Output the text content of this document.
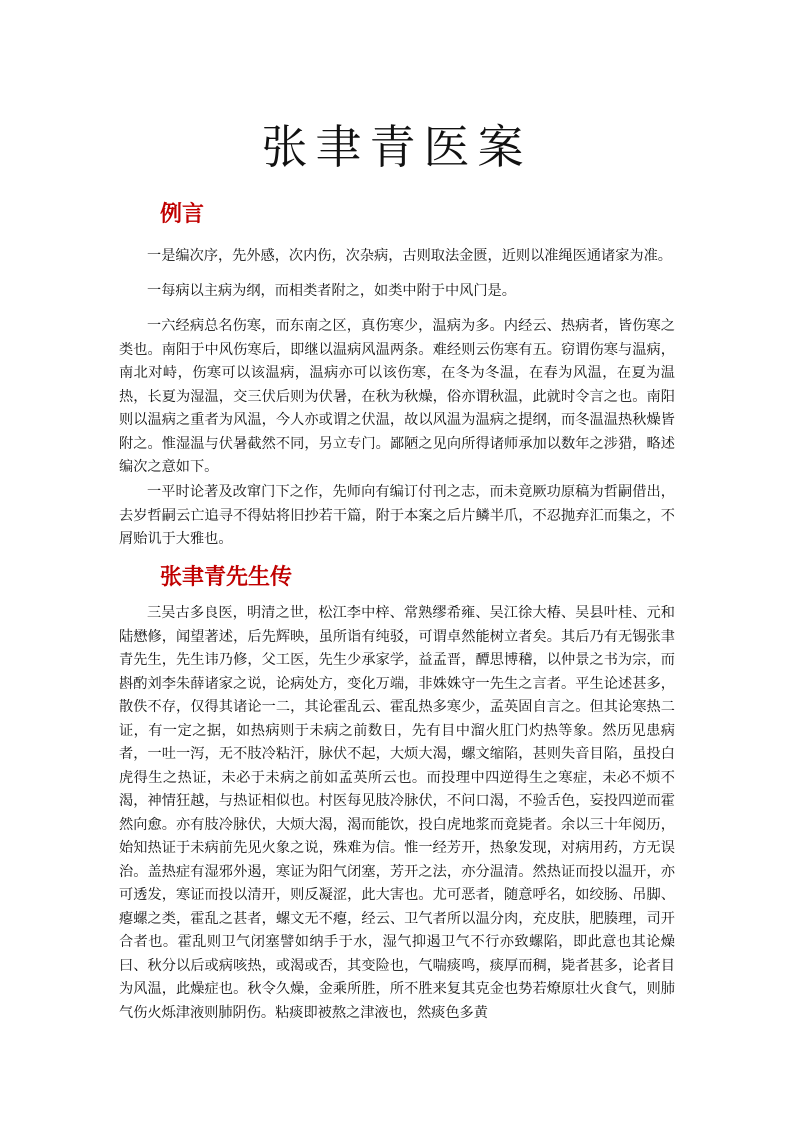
张聿青医案
例言

一是编次序，先外感，次内伤，次杂病，古则取法金匮，近则以准绳医通诸家为准。

一每病以主病为纲，而相类者附之，如类中附于中风门是。

一六经病总名伤寒，而东南之区，真伤寒少，温病为多。内经云、热病者，皆伤寒之类也。南阳于中风伤寒后，即继以温病风温两条。难经则云伤寒有五。窃谓伤寒与温病，南北对峙，伤寒可以该温病，温病亦可以该伤寒，在冬为冬温，在春为风温，在夏为温热，长夏为湿温，交三伏后则为伏暑，在秋为秋燥，俗亦谓秋温，此就时令言之也。南阳则以温病之重者为风温，今人亦或谓之伏温，故以风温为温病之提纲，而冬温温热秋燥皆附之。惟湿温与伏暑截然不同，另立专门。鄙陋之见向所得诸师承加以数年之涉猎，略述编次之意如下。

一平时论著及改窜门下之作，先师向有编订付刊之志，而未竟厥功原稿为哲嗣借出，去岁哲嗣云亡追寻不得姑将旧抄若干篇，附于本案之后片鳞半爪，不忍抛弃汇而集之，不屑贻讥于大雅也。

张聿青先生传

三吴古多良医，明清之世，松江李中梓、常熟缪希雍、吴江徐大椿、吴县叶桂、元和陆懋修，闻望著述，后先辉映，虽所诣有纯驳，可谓卓然能树立者矣。其后乃有无锡张聿青先生，先生讳乃修，父工医，先生少承家学，益孟晋，醰思博稽，以仲景之书为宗，而斟酌刘李朱薛诸家之说，论病处方，变化万端，非姝姝守一先生之言者。平生论述甚多，散佚不存，仅得其诸论一二，其论霍乱云、霍乱热多寒少，孟英固自言之。但其论寒热二证，有一定之据，如热病则于未病之前数日，先有目中溜火肛门灼热等象。然历见患病者，一吐一泻，无不肢冷粘汗，脉伏不起，大烦大渴，螺文缩陷，甚则失音目陷，虽投白虎得生之热证，未必于未病之前如孟英所云也。而投理中四逆得生之寒症，未必不烦不渴，神情狂越，与热证相似也。村医每见肢冷脉伏，不问口渴，不验舌色，妄投四逆而霍然向愈。亦有肢冷脉伏，大烦大渴，渴而能饮，投白虎地浆而竟毙者。余以三十年阅历，始知热证于未病前先见火象之说，殊难为信。惟一经芳开，热象发现，对病用药，方无误治。盖热症有湿邪外遏，寒证为阳气闭塞，芳开之法，亦分温清。然热证而投以温开，亦可透发，寒证而投以清开，则反凝涩，此大害也。尤可恶者，随意呼名，如绞肠、吊脚、瘪螺之类，霍乱之甚者，螺文无不瘪，经云、卫气者所以温分肉，充皮肤，肥腠理，司开合者也。霍乱则卫气闭塞譬如纳手于水，湿气抑遏卫气不行亦致螺陷，即此意也其论燥曰、秋分以后或病咳热，或渴或否，其变险也，气喘痰鸣，痰厚而稠，毙者甚多，论者目为风温，此燥症也。秋令久燥，金乘所胜，所不胜来复其克金也势若燎原壮火食气，则肺气伤火烁津液则肺阴伤。粘痰即被熬之津液也，然痰色多黄
